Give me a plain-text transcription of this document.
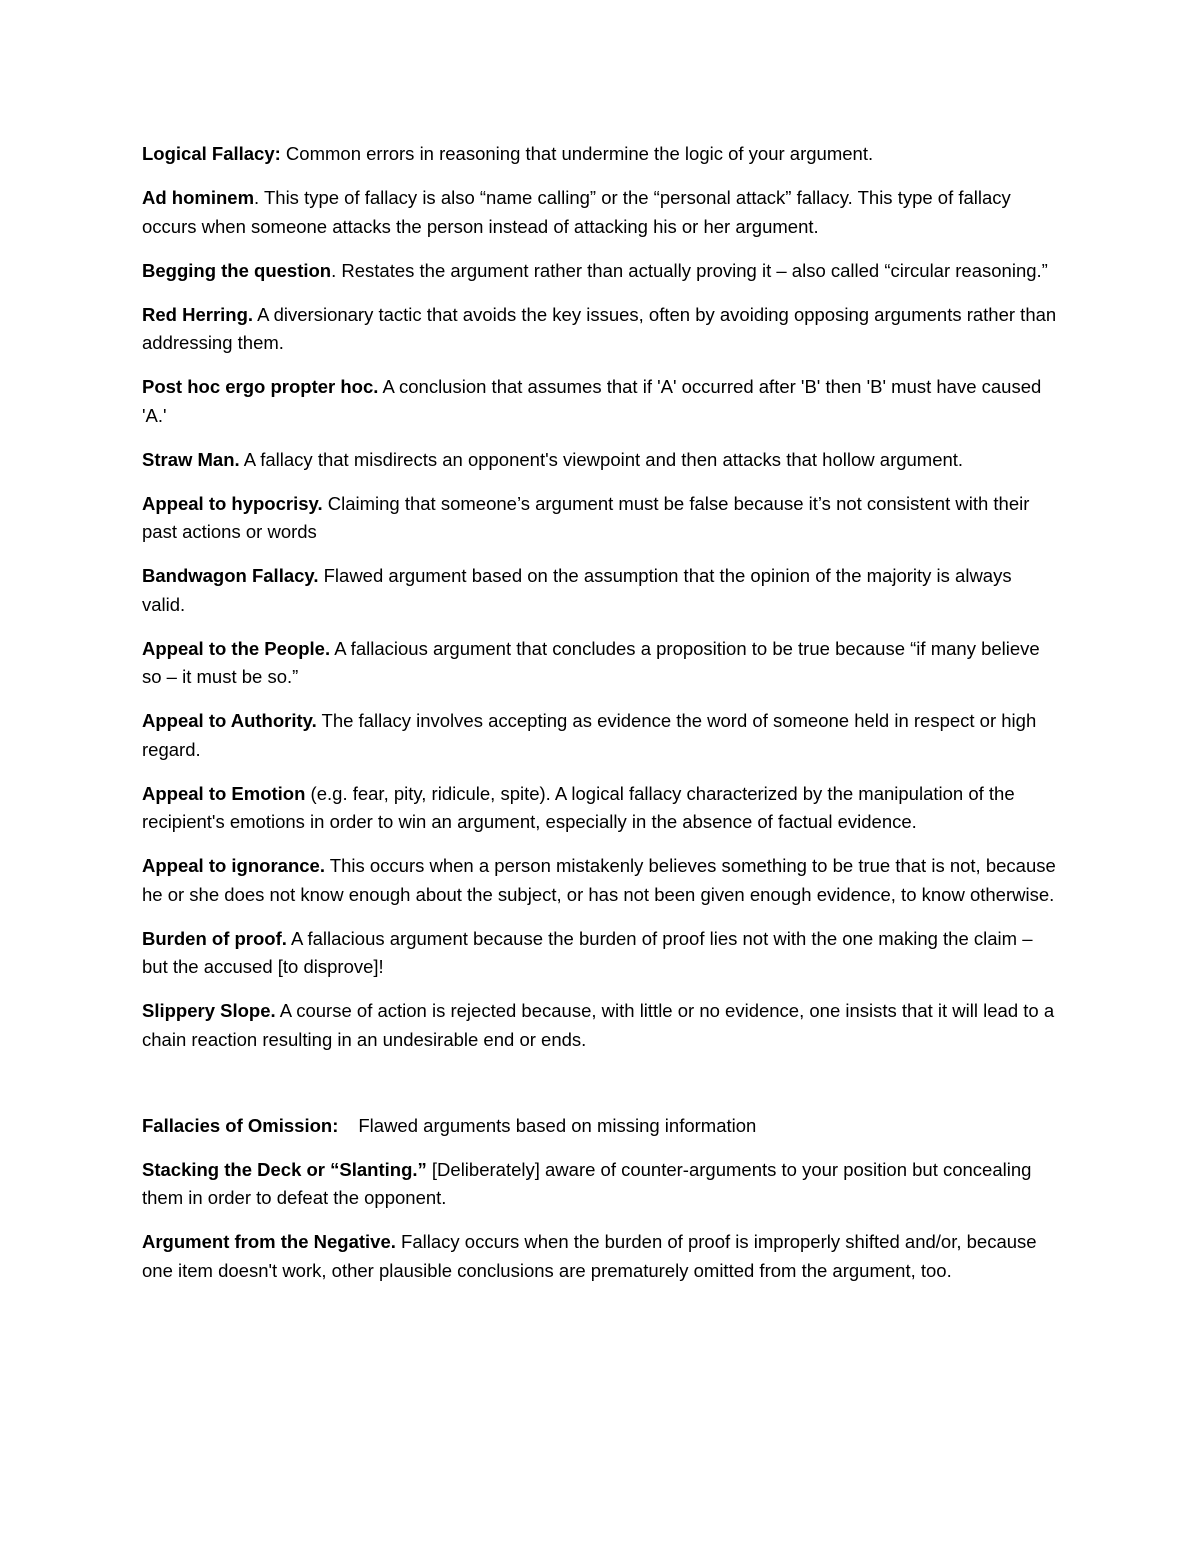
Logical Fallacy: Common errors in reasoning that undermine the logic of your argument.

Ad hominem. This type of fallacy is also “name calling” or the “personal attack” fallacy. This type of fallacy occurs when someone attacks the person instead of attacking his or her argument.

Begging the question. Restates the argument rather than actually proving it – also called “circular reasoning.”

Red Herring. A diversionary tactic that avoids the key issues, often by avoiding opposing arguments rather than addressing them.

Post hoc ergo propter hoc. A conclusion that assumes that if 'A' occurred after 'B' then 'B' must have caused 'A.'

Straw Man. A fallacy that misdirects an opponent's viewpoint and then attacks that hollow argument.

Appeal to hypocrisy. Claiming that someone’s argument must be false because it’s not consistent with their past actions or words

Bandwagon Fallacy. Flawed argument based on the assumption that the opinion of the majority is always valid.

Appeal to the People. A fallacious argument that concludes a proposition to be true because “if many believe so – it must be so.”

Appeal to Authority. The fallacy involves accepting as evidence the word of someone held in respect or high regard.

Appeal to Emotion (e.g. fear, pity, ridicule, spite). A logical fallacy characterized by the manipulation of the recipient's emotions in order to win an argument, especially in the absence of factual evidence.

Appeal to ignorance. This occurs when a person mistakenly believes something to be true that is not, because he or she does not know enough about the subject, or has not been given enough evidence, to know otherwise.

Burden of proof. A fallacious argument because the burden of proof lies not with the one making the claim – but the accused [to disprove]!

Slippery Slope. A course of action is rejected because, with little or no evidence, one insists that it will lead to a chain reaction resulting in an undesirable end or ends.

Fallacies of Omission: Flawed arguments based on missing information

Stacking the Deck or “Slanting.” [Deliberately] aware of counter-arguments to your position but concealing them in order to defeat the opponent.

Argument from the Negative. Fallacy occurs when the burden of proof is improperly shifted and/or, because one item doesn't work, other plausible conclusions are prematurely omitted from the argument, too.
